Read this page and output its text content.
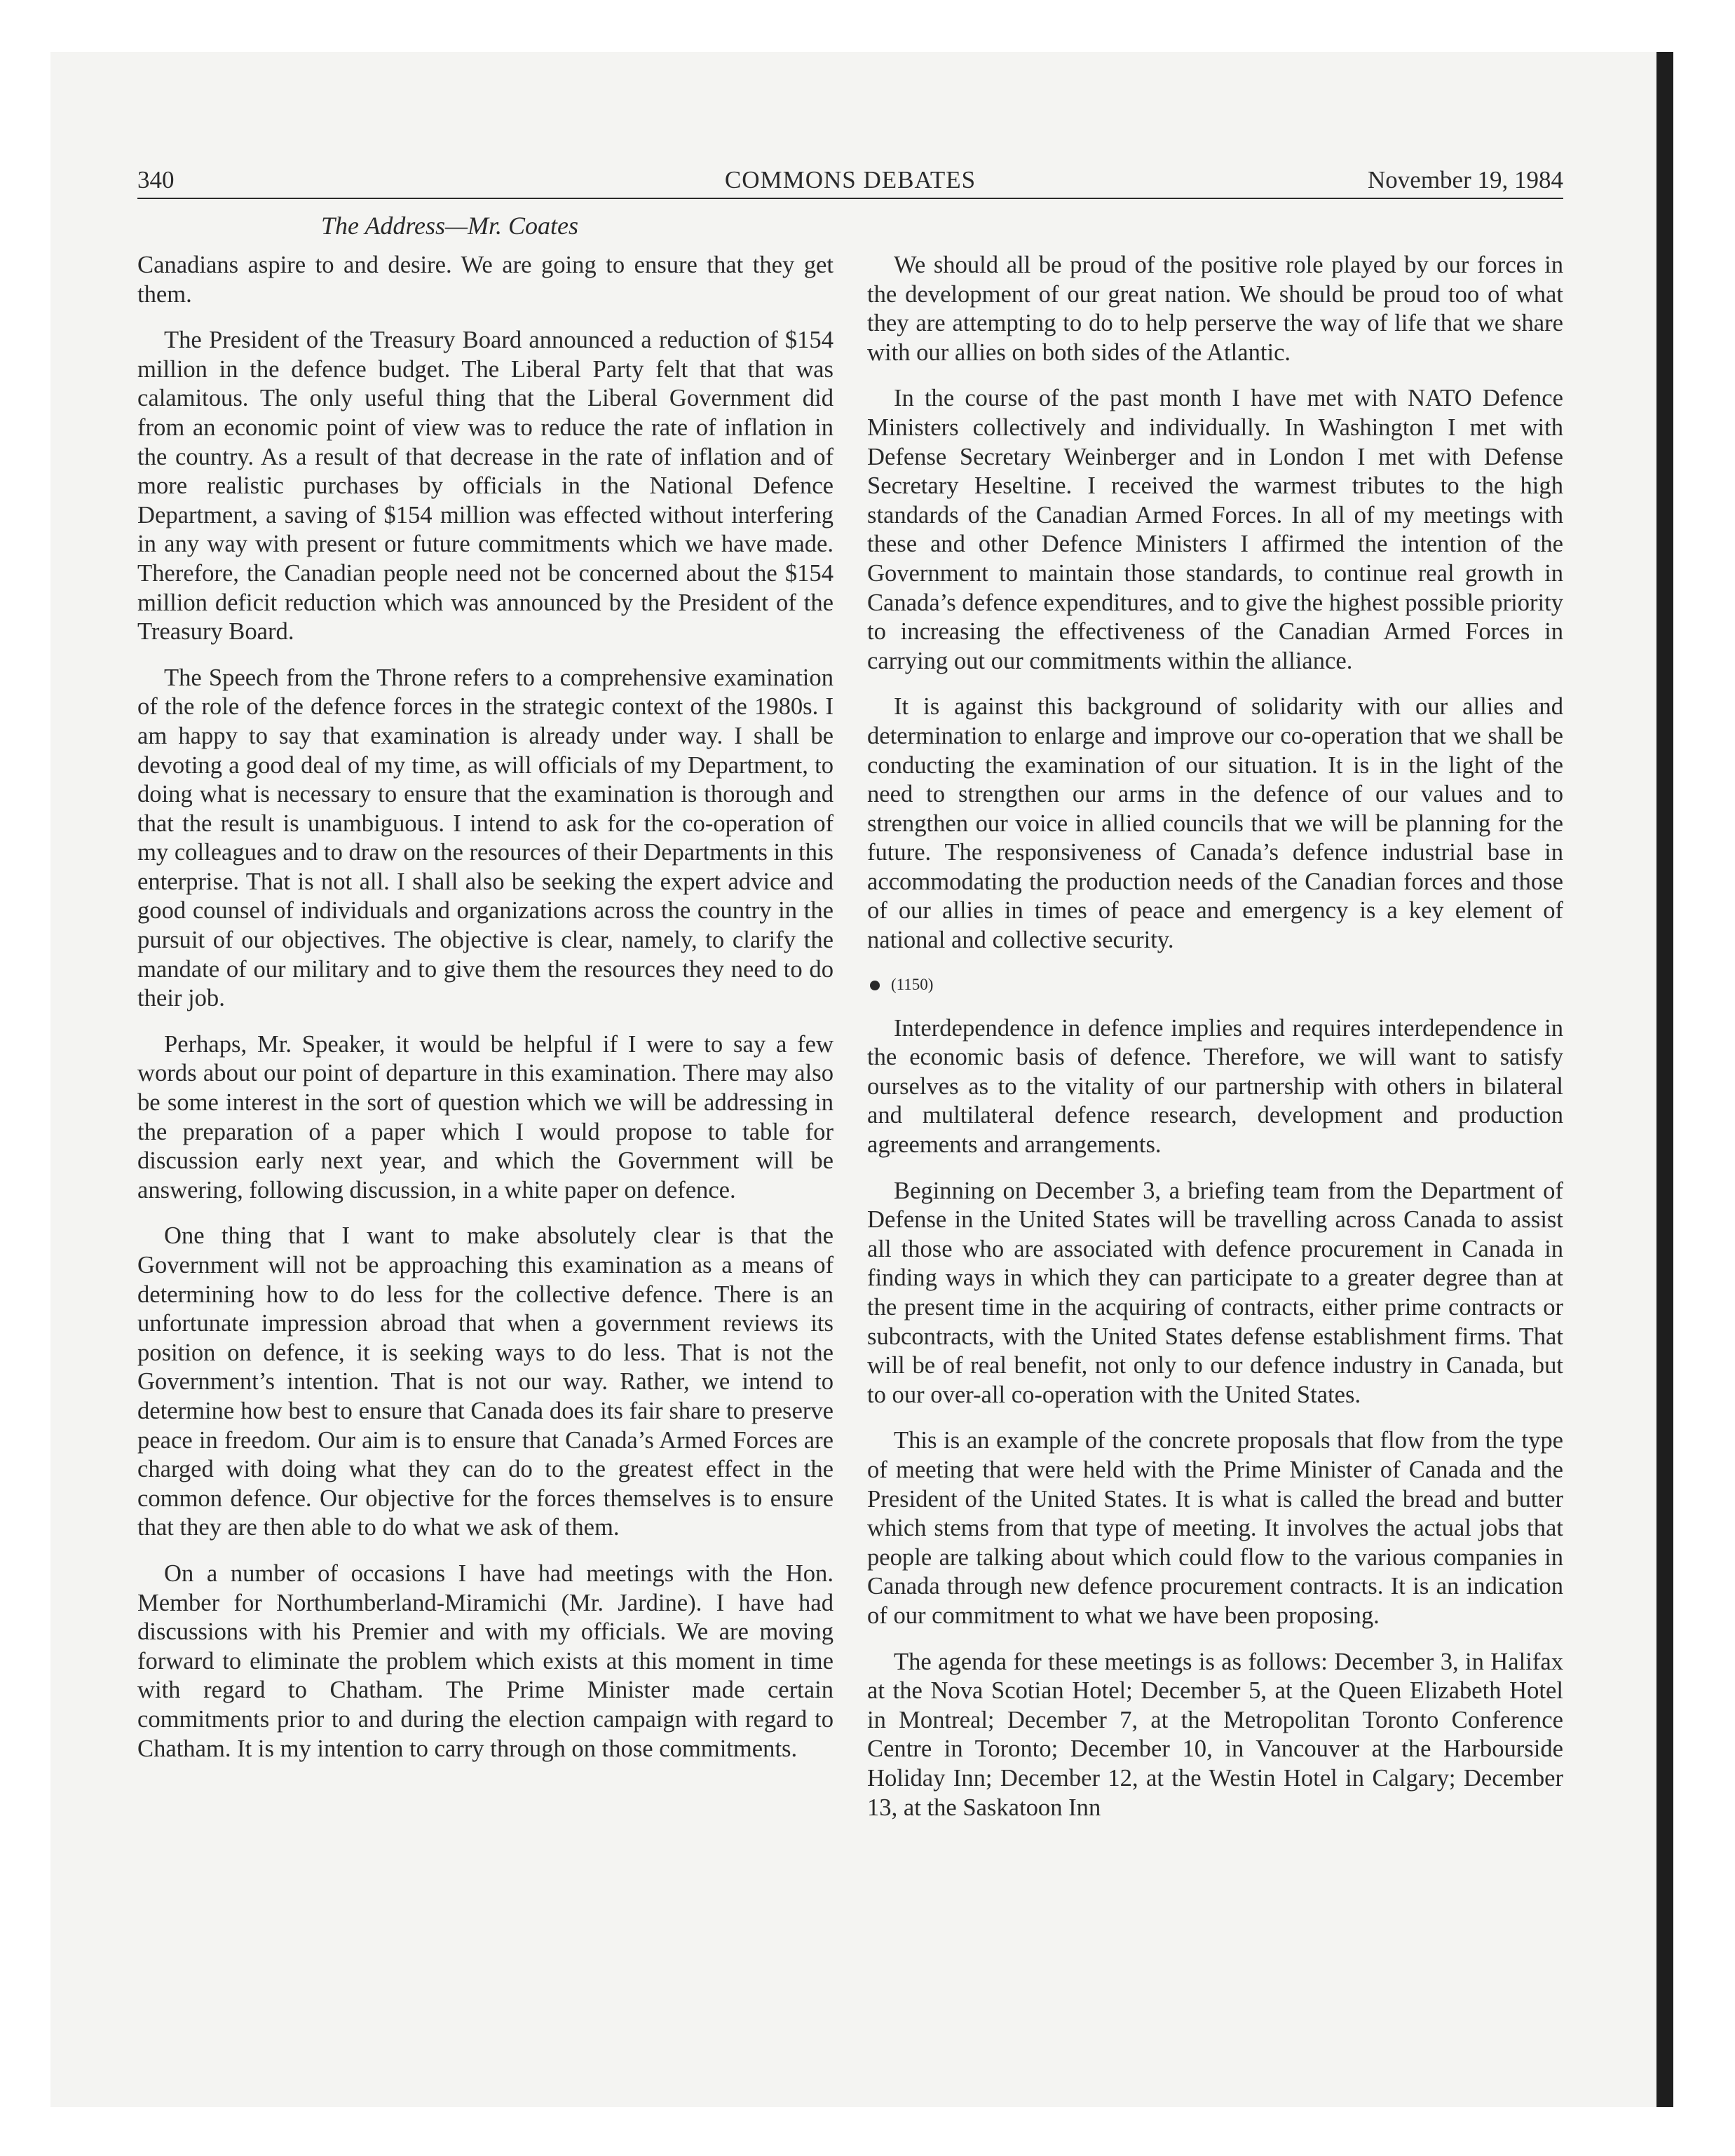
340	COMMONS DEBATES	November 19, 1984
The Address—Mr. Coates

Canadians aspire to and desire. We are going to ensure that they get them.

The President of the Treasury Board announced a reduction of $154 million in the defence budget. The Liberal Party felt that that was calamitous. The only useful thing that the Liberal Government did from an economic point of view was to reduce the rate of inflation in the country. As a result of that decrease in the rate of inflation and of more realistic purchases by officials in the National Defence Department, a saving of $154 million was effected without interfering in any way with present or future commitments which we have made. Therefore, the Canadian people need not be concerned about the $154 million deficit reduction which was announced by the President of the Treasury Board.

The Speech from the Throne refers to a comprehensive examination of the role of the defence forces in the strategic context of the 1980s. I am happy to say that examination is already under way. I shall be devoting a good deal of my time, as will officials of my Department, to doing what is necessary to ensure that the examination is thorough and that the result is unambiguous. I intend to ask for the co-operation of my colleagues and to draw on the resources of their Departments in this enterprise. That is not all. I shall also be seeking the expert advice and good counsel of individuals and organizations across the country in the pursuit of our objectives. The objective is clear, namely, to clarify the mandate of our military and to give them the resources they need to do their job.

Perhaps, Mr. Speaker, it would be helpful if I were to say a few words about our point of departure in this examination. There may also be some interest in the sort of question which we will be addressing in the preparation of a paper which I would propose to table for discussion early next year, and which the Government will be answering, following discussion, in a white paper on defence.

One thing that I want to make absolutely clear is that the Government will not be approaching this examination as a means of determining how to do less for the collective defence. There is an unfortunate impression abroad that when a government reviews its position on defence, it is seeking ways to do less. That is not the Government’s intention. That is not our way. Rather, we intend to determine how best to ensure that Canada does its fair share to preserve peace in freedom. Our aim is to ensure that Canada’s Armed Forces are charged with doing what they can do to the greatest effect in the common defence. Our objective for the forces themselves is to ensure that they are then able to do what we ask of them.

On a number of occasions I have had meetings with the Hon. Member for Northumberland-Miramichi (Mr. Jardine). I have had discussions with his Premier and with my officials. We are moving forward to eliminate the problem which exists at this moment in time with regard to Chatham. The Prime Minister made certain commitments prior to and during the election campaign with regard to Chatham. It is my intention to carry through on those commitments.

We should all be proud of the positive role played by our forces in the development of our great nation. We should be proud too of what they are attempting to do to help perserve the way of life that we share with our allies on both sides of the Atlantic.

In the course of the past month I have met with NATO Defence Ministers collectively and individually. In Washington I met with Defense Secretary Weinberger and in London I met with Defense Secretary Heseltine. I received the warmest tributes to the high standards of the Canadian Armed Forces. In all of my meetings with these and other Defence Ministers I affirmed the intention of the Government to maintain those standards, to continue real growth in Canada’s defence expenditures, and to give the highest possible priority to increasing the effectiveness of the Canadian Armed Forces in carrying out our commitments within the alliance.

It is against this background of solidarity with our allies and determination to enlarge and improve our co-operation that we shall be conducting the examination of our situation. It is in the light of the need to strengthen our arms in the defence of our values and to strengthen our voice in allied councils that we will be planning for the future. The responsiveness of Canada’s defence industrial base in accommodating the production needs of the Canadian forces and those of our allies in times of peace and emergency is a key element of national and collective security.

(1150)

Interdependence in defence implies and requires interdependence in the economic basis of defence. Therefore, we will want to satisfy ourselves as to the vitality of our partnership with others in bilateral and multilateral defence research, development and production agreements and arrangements.

Beginning on December 3, a briefing team from the Department of Defense in the United States will be travelling across Canada to assist all those who are associated with defence procurement in Canada in finding ways in which they can participate to a greater degree than at the present time in the acquiring of contracts, either prime contracts or subcontracts, with the United States defense establishment firms. That will be of real benefit, not only to our defence industry in Canada, but to our over-all co-operation with the United States.

This is an example of the concrete proposals that flow from the type of meeting that were held with the Prime Minister of Canada and the President of the United States. It is what is called the bread and butter which stems from that type of meeting. It involves the actual jobs that people are talking about which could flow to the various companies in Canada through new defence procurement contracts. It is an indication of our commitment to what we have been proposing.

The agenda for these meetings is as follows: December 3, in Halifax at the Nova Scotian Hotel; December 5, at the Queen Elizabeth Hotel in Montreal; December 7, at the Metropolitan Toronto Conference Centre in Toronto; December 10, in Vancouver at the Harbourside Holiday Inn; December 12, at the Westin Hotel in Calgary; December 13, at the Saskatoon Inn
